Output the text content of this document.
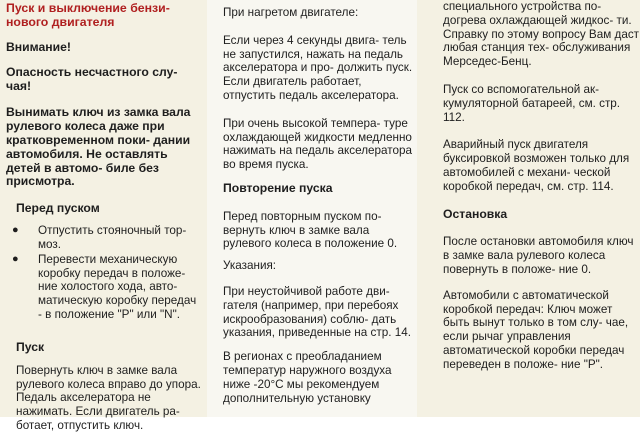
Пуск и выключение бензи- нового двигателя

Внимание!

Опасность несчастного слу- чая!

Вынимать ключ из замка вала рулевого колеса даже при кратковременном поки- дании автомобиля. Не оставлять детей в автомо- биле без присмотра.

Перед пуском

● Отпустить стояночный тор- моз.
● Перевести механическую коробку передач в положе- ние холостого хода, авто- матическую коробку передач - в положение "P" или "N".

Пуск

Повернуть ключ в замке вала рулевого колеса вправо до упора. Педаль акселератора не нажимать. Если двигатель ра- ботает, отпустить ключ.

При нагретом двигателе:

Если через 4 секунды двига- тель не запустился, нажать на педаль акселератора и про- должить пуск. Если двигатель работает, отпустить педаль акселератора.

При очень высокой темпера- туре охлаждающей жидкости медленно нажимать на педаль акселератора во время пуска.

Повторение пуска

Перед повторным пуском по- вернуть ключ в замке вала рулевого колеса в положение 0.

Указания:

При неустойчивой работе дви- гателя (например, при перебоях искрообразования) соблю- дать указания, приведенные на стр. 14.

В регионах с преобладанием температур наружного воздуха ниже -20°С мы рекомендуем дополнительную установку

специального устройства по- догрева охлаждающей жидкос- ти. Справку по этому вопросу Вам даст любая станция тех- обслуживания Мерседес-Бенц.

Пуск со вспомогательной ак- кумуляторной батареей, см. стр. 112.

Аварийный пуск двигателя буксировкой возможен только для автомобилей с механи- ческой коробкой передач, см. стр. 114.

Остановка

После остановки автомобиля ключ в замке вала рулевого колеса повернуть в положе- ние 0.

Автомобили с автоматической коробкой передач: Ключ может быть вынут только в том слу- чае, если рычаг управления автоматической коробки передач переведен в положе- ние "P".
